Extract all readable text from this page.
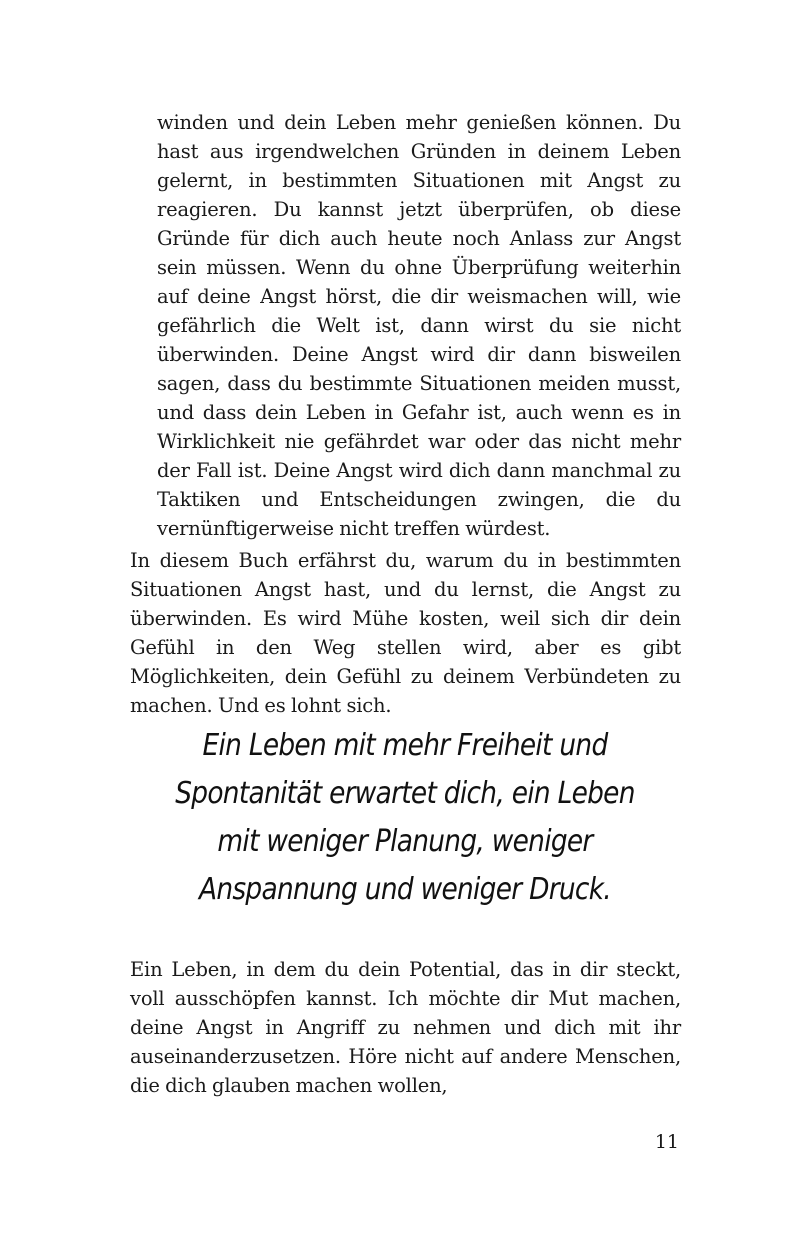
winden und dein Leben mehr genießen können. Du hast aus irgendwelchen Gründen in deinem Leben gelernt, in bestimmten Situationen mit Angst zu reagieren. Du kannst jetzt überprüfen, ob diese Gründe für dich auch heute noch Anlass zur Angst sein müssen. Wenn du ohne Überprüfung weiterhin auf deine Angst hörst, die dir weismachen will, wie gefährlich die Welt ist, dann wirst du sie nicht überwinden. Deine Angst wird dir dann bisweilen sagen, dass du bestimmte Situationen meiden musst, und dass dein Leben in Gefahr ist, auch wenn es in Wirklichkeit nie gefährdet war oder das nicht mehr der Fall ist. Deine Angst wird dich dann manchmal zu Taktiken und Entscheidungen zwingen, die du vernünftigerweise nicht treffen würdest.

In diesem Buch erfährst du, warum du in bestimmten Situationen Angst hast, und du lernst, die Angst zu überwinden. Es wird Mühe kosten, weil sich dir dein Gefühl in den Weg stellen wird, aber es gibt Möglichkeiten, dein Gefühl zu deinem Verbündeten zu machen. Und es lohnt sich.

Ein Leben mit mehr Freiheit und Spontanität erwartet dich, ein Leben mit weniger Planung, weniger Anspannung und weniger Druck.

Ein Leben, in dem du dein Potential, das in dir steckt, voll ausschöpfen kannst. Ich möchte dir Mut machen, deine Angst in Angriff zu nehmen und dich mit ihr auseinanderzusetzen. Höre nicht auf andere Menschen, die dich glauben machen wollen,

11
